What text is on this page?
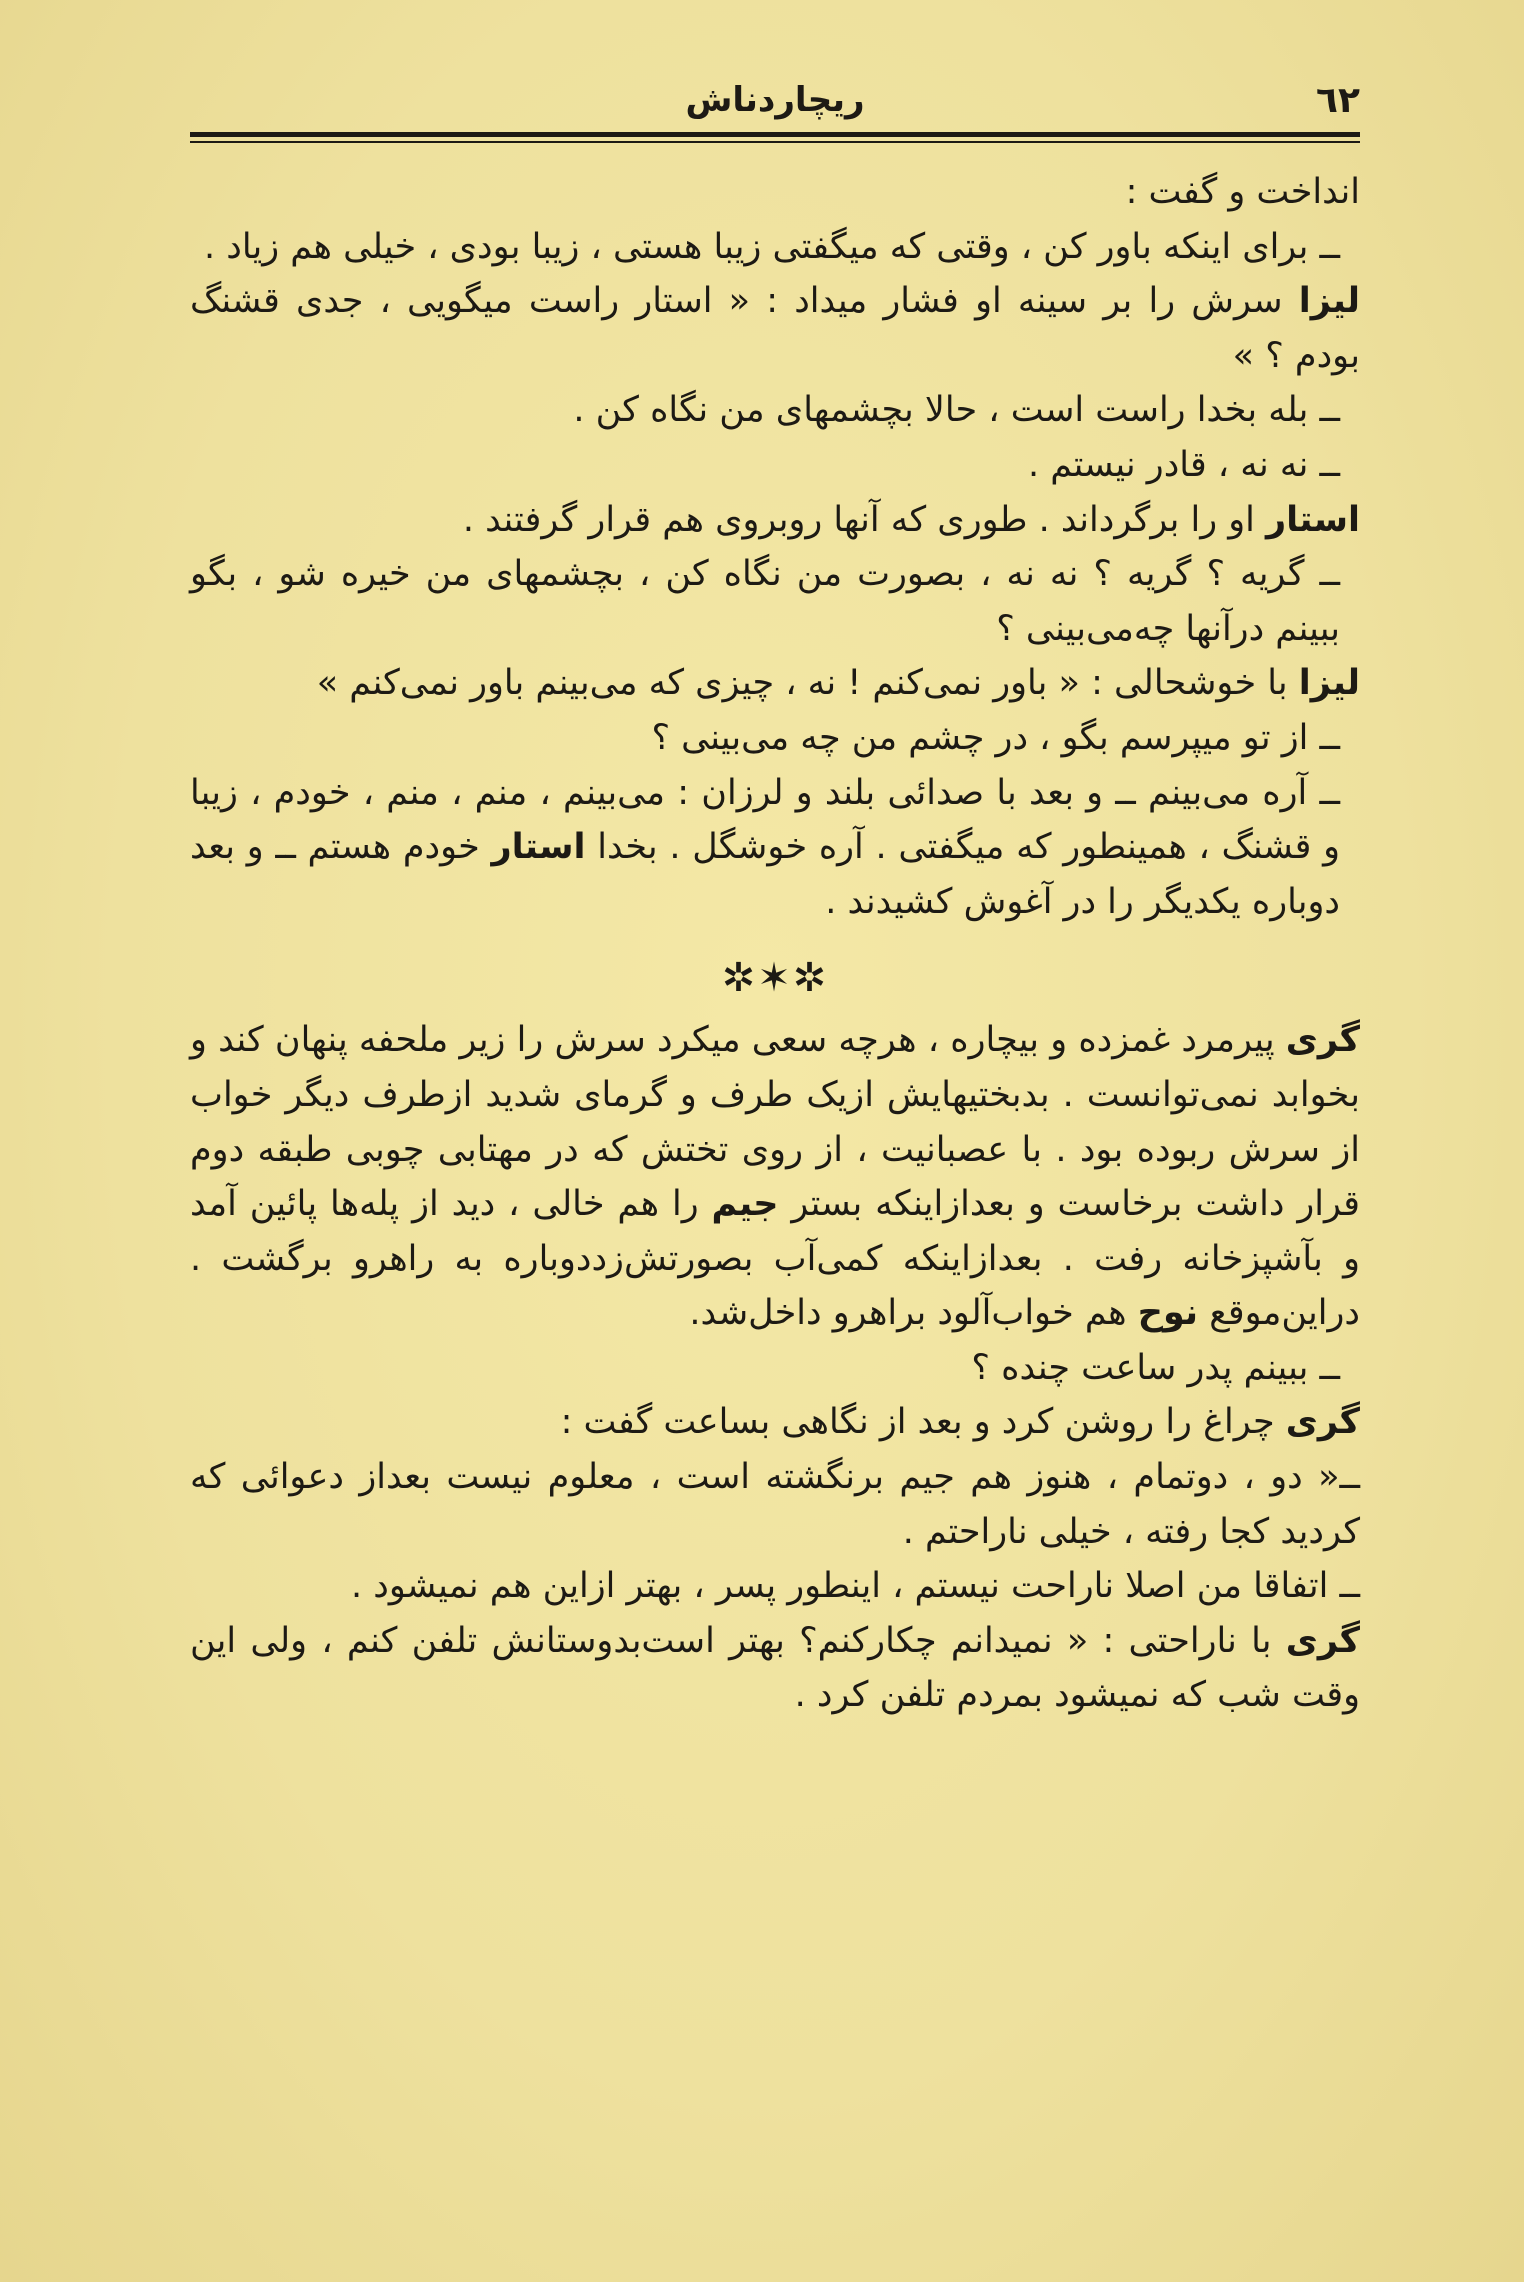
٦٢
ریچاردناش

انداخت و گفت :

ــ برای اینکه باور کن ، وقتی که میگفتی زیبا هستی ، زیبا بودی ، خیلی هم زیاد .

لیزا سرش را بر سینه او فشار میداد : « استار راست میگویی ، جدی قشنگ بودم ؟ »

ــ بله بخدا راست است ، حالا بچشمهای من نگاه کن .

ــ نه نه ، قادر نیستم .

استار او را برگرداند . طوری که آنها روبروی هم قرار گرفتند .

ــ گریه ؟ گریه ؟ نه نه ، بصورت من نگاه کن ، بچشمهای من خیره شو ، بگو ببینم درآنها چه‌می‌بینی ؟

لیزا با خوشحالی : « باور نمی‌کنم ! نه ، چیزی که می‌بینم باور نمی‌کنم »

ــ از تو میپرسم بگو ، در چشم من چه می‌بینی ؟

ــ آره می‌بینم ــ و بعد با صدائی بلند و لرزان : می‌بینم ، منم ، منم ، خودم ، زیبا و قشنگ ، همینطور که میگفتی . آره خوشگل . بخدا استار خودم هستم ــ و بعد دوباره یکدیگر را در آغوش کشیدند .

✲✶✲

گری پیرمرد غمزده و بیچاره ، هرچه سعی میکرد سرش را زیر ملحفه پنهان کند و بخوابد نمی‌توانست . بدبختیهایش ازیک طرف و گرمای شدید ازطرف دیگر خواب از سرش ربوده بود . با عصبانیت ، از روی تختش که در مهتابی چوبی طبقه دوم قرار داشت برخاست و بعدازاینکه بستر جیم را هم خالی ، دید از پله‌ها پائین آمد و بآشپزخانه رفت . بعدازاینکه کمی‌آب بصورتش‌زددوباره به راهرو برگشت . دراین‌موقع نوح هم خواب‌آلود براهرو داخل‌شد.

ــ ببینم پدر ساعت چنده ؟

گری چراغ را روشن کرد و بعد از نگاهی بساعت گفت :

ــ« دو ، دوتمام ، هنوز هم جیم برنگشته است ، معلوم نیست بعداز دعوائی که کردید کجا رفته ، خیلی ناراحتم .

ــ اتفاقا من اصلا ناراحت نیستم ، اینطور پسر ، بهتر ازاین هم نمیشود .

گری با ناراحتی : « نمیدانم چکارکنم؟ بهتر است‌بدوستانش تلفن کنم ، ولی این وقت شب که نمیشود بمردم تلفن کرد .
